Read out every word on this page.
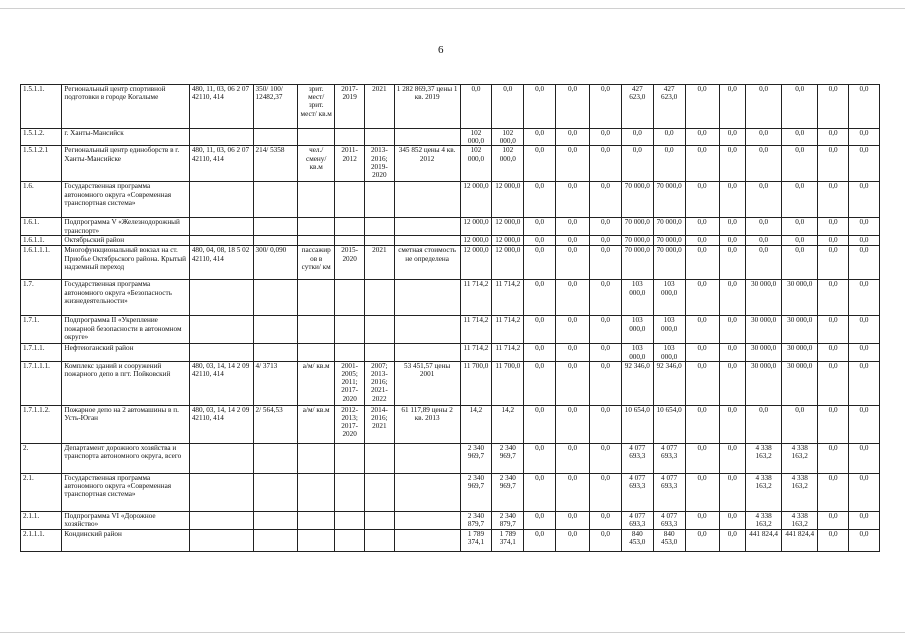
6
1.5.1.1.	Региональный центр спортивной подготовки в городе Когалыме	480, 11, 03, 06 2 07 42110, 414	350/ 100/ 12482,37	зрит. мест/ зрит. мест/ кв.м	2017-2019	2021	1 282 869,37 цены 1 кв. 2019	0,0	0,0	0,0	0,0	0,0	427 623,0	427 623,0	0,0	0,0	0,0	0,0	0,0	0,0
1.5.1.2.	г. Ханты-Мансийск							102 000,0	102 000,0	0,0	0,0	0,0	0,0	0,0	0,0	0,0	0,0	0,0	0,0	0,0
1.5.1.2.1	Региональный центр единоборств в г. Ханты-Мансийске	480, 11, 03, 06 2 07 42110, 414	214/ 5358	чел./ смену/ кв.м	2011-2012	2013-2016; 2019-2020	345 852 цены 4 кв. 2012	102 000,0	102 000,0	0,0	0,0	0,0	0,0	0,0	0,0	0,0	0,0	0,0	0,0	0,0
1.6.	Государственная программа автономного округа «Современная транспортная система»							12 000,0	12 000,0	0,0	0,0	0,0	70 000,0	70 000,0	0,0	0,0	0,0	0,0	0,0	0,0
1.6.1.	Подпрограмма V «Железнодорожный транспорт»							12 000,0	12 000,0	0,0	0,0	0,0	70 000,0	70 000,0	0,0	0,0	0,0	0,0	0,0	0,0
1.6.1.1.	Октябрьский район							12 000,0	12 000,0	0,0	0,0	0,0	70 000,0	70 000,0	0,0	0,0	0,0	0,0	0,0	0,0
1.6.1.1.1.	Многофункциональный вокзал на ст. Приобье Октябрьского района. Крытый надземный переход	480, 04, 08, 18 5 02 42110, 414	300/ 0,090	пассажиров в сутки/ км	2015-2020	2021	сметная стоимость не определена	12 000,0	12 000,0	0,0	0,0	0,0	70 000,0	70 000,0	0,0	0,0	0,0	0,0	0,0	0,0
1.7.	Государственная программа автономного округа «Безопасность жизнедеятельности»							11 714,2	11 714,2	0,0	0,0	0,0	103 000,0	103 000,0	0,0	0,0	30 000,0	30 000,0	0,0	0,0
1.7.1.	Подпрограмма II «Укрепление пожарной безопасности в автономном округе»							11 714,2	11 714,2	0,0	0,0	0,0	103 000,0	103 000,0	0,0	0,0	30 000,0	30 000,0	0,0	0,0
1.7.1.1.	Нефтеюганский район							11 714,2	11 714,2	0,0	0,0	0,0	103 000,0	103 000,0	0,0	0,0	30 000,0	30 000,0	0,0	0,0
1.7.1.1.1.	Комплекс зданий и сооружений пожарного депо в пгт. Пойковский	480, 03, 14, 14 2 09 42110, 414	4/ 3713	а/м/ кв.м	2001-2005; 2011; 2017-2020	2007; 2013-2016; 2021-2022	53 451,57 цены 2001	11 700,0	11 700,0	0,0	0,0	0,0	92 346,0	92 346,0	0,0	0,0	30 000,0	30 000,0	0,0	0,0
1.7.1.1.2.	Пожарное депо на 2 автомашины в п. Усть-Юган	480, 03, 14, 14 2 09 42110, 414	2/ 564,53	а/м/ кв.м	2012-2013; 2017-2020	2014-2016; 2021	61 117,89 цены 2 кв. 2013	14,2	14,2	0,0	0,0	0,0	10 654,0	10 654,0	0,0	0,0	0,0	0,0	0,0	0,0
2.	Департамент дорожного хозяйства и транспорта автономного округа, всего							2 340 969,7	2 340 969,7	0,0	0,0	0,0	4 077 693,3	4 077 693,3	0,0	0,0	4 338 163,2	4 338 163,2	0,0	0,0
2.1.	Государственная программа автономного округа «Современная транспортная система»							2 340 969,7	2 340 969,7	0,0	0,0	0,0	4 077 693,3	4 077 693,3	0,0	0,0	4 338 163,2	4 338 163,2	0,0	0,0
2.1.1.	Подпрограмма VI «Дорожное хозяйство»							2 340 879,7	2 340 879,7	0,0	0,0	0,0	4 077 693,3	4 077 693,3	0,0	0,0	4 338 163,2	4 338 163,2	0,0	0,0
2.1.1.1.	Кондинский район							1 789 374,1	1 789 374,1	0,0	0,0	0,0	840 453,0	840 453,0	0,0	0,0	441 824,4	441 824,4	0,0	0,0
